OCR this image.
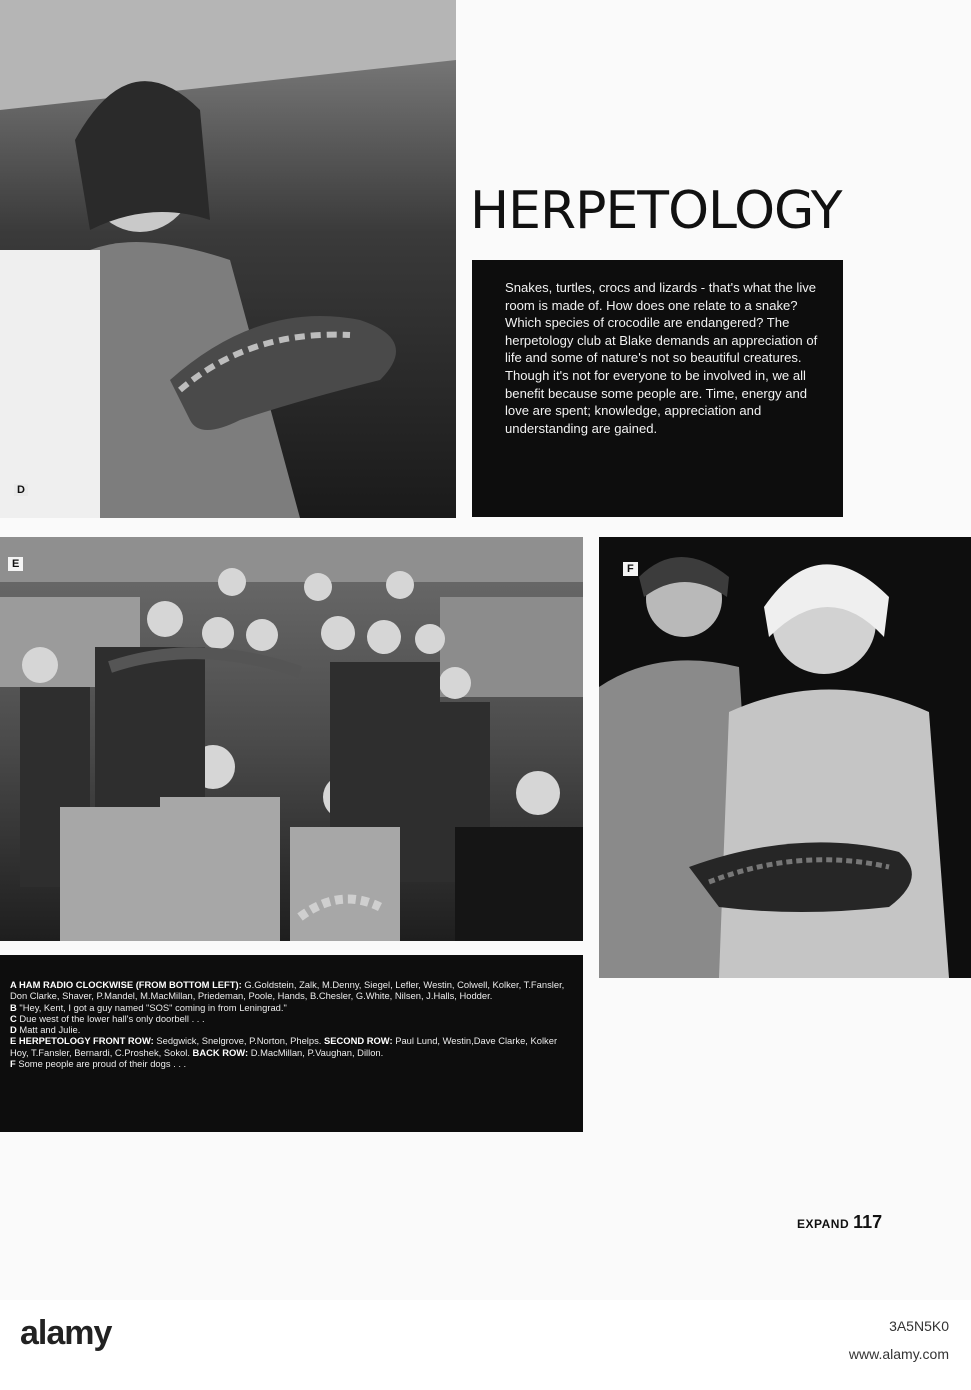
D
HERPETOLOGY

Snakes, turtles, crocs and lizards - that's what the live room is made of. How does one relate to a snake? Which species of crocodile are endangered? The herpetology club at Blake demands an appreciation of life and some of nature's not so beautiful creatures. Though it's not for everyone to be involved in, we all benefit because some people are. Time, energy and love are spent; knowledge, appreciation and understanding are gained.

E	F

A HAM RADIO CLOCKWISE (FROM BOTTOM LEFT): G.Goldstein, Zalk, M.Denny, Siegel, Lefler, Westin, Colwell, Kolker, T.Fansler, Don Clarke, Shaver, P.Mandel, M.MacMillan, Priedeman, Poole, Hands, B.Chesler, G.White, Nilsen, J.Halls, Hodder.

B "Hey, Kent, I got a guy named "SOS" coming in from Leningrad."

C Due west of the lower hall's only doorbell . . .

D Matt and Julie.

E HERPETOLOGY FRONT ROW: Sedgwick, Snelgrove, P.Norton, Phelps. SECOND ROW: Paul Lund, Westin,Dave Clarke, Kolker Hoy, T.Fansler, Bernardi, C.Proshek, Sokol. BACK ROW: D.MacMillan, P.Vaughan, Dillon.

F Some people are proud of their dogs . . .

EXPAND 117
alamy	3A5N5K0
www.alamy.com
